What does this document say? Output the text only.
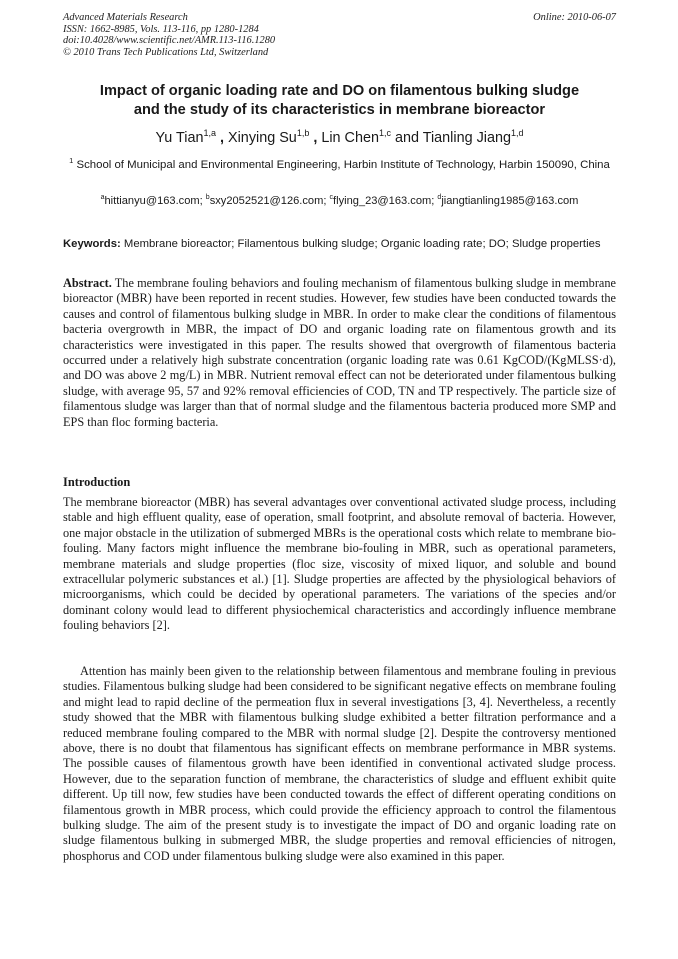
Advanced Materials Research
ISSN: 1662-8985, Vols. 113-116, pp 1280-1284
doi:10.4028/www.scientific.net/AMR.113-116.1280
© 2010 Trans Tech Publications Ltd, Switzerland
Online: 2010-06-07
Impact of organic loading rate and DO on filamentous bulking sludge
and the study of its characteristics in membrane bioreactor
Yu Tian$^{1,a}$ , Xinying Su$^{1,b}$ , Lin Chen$^{1,c}$ and Tianling Jiang$^{1,d}$
$^1$ School of Municipal and Environmental Engineering, Harbin Institute of Technology, Harbin 150090, China
$^a$hittianyu@163.com; $^b$sxy2052521@126.com; $^c$flying_23@163.com; $^d$jiangtianling1985@163.com
Keywords: Membrane bioreactor; Filamentous bulking sludge; Organic loading rate; DO; Sludge properties
Abstract. The membrane fouling behaviors and fouling mechanism of filamentous bulking sludge in membrane bioreactor (MBR) have been reported in recent studies. However, few studies have been conducted towards the causes and control of filamentous bulking sludge in MBR. In order to make clear the conditions of filamentous bacteria overgrowth in MBR, the impact of DO and organic loading rate on filamentous growth and its characteristics were investigated in this paper. The results showed that overgrowth of filamentous bacteria occurred under a relatively high substrate concentration (organic loading rate was 0.61 KgCOD/(KgMLSS·d), and DO was above 2 mg/L) in MBR. Nutrient removal effect can not be deteriorated under filamentous bulking sludge, with average 95, 57 and 92% removal efficiencies of COD, TN and TP respectively. The particle size of filamentous sludge was larger than that of normal sludge and the filamentous bacteria produced more SMP and EPS than floc forming bacteria.
Introduction
The membrane bioreactor (MBR) has several advantages over conventional activated sludge process, including stable and high effluent quality, ease of operation, small footprint, and absolute removal of bacteria. However, one major obstacle in the utilization of submerged MBRs is the operational costs which relate to membrane bio-fouling. Many factors might influence the membrane bio-fouling in MBR, such as operational parameters, membrane materials and sludge properties (floc size, viscosity of mixed liquor, and soluble and bound extracellular polymeric substances et al.) [1]. Sludge properties are affected by the physiological behaviors of microorganisms, which could be decided by operational parameters. The variations of the species and/or dominant colony would lead to different physiochemical characteristics and accordingly influence membrane fouling behaviors [2].
Attention has mainly been given to the relationship between filamentous and membrane fouling in previous studies. Filamentous bulking sludge had been considered to be significant negative effects on membrane fouling and might lead to rapid decline of the permeation flux in several investigations [3, 4]. Nevertheless, a recently study showed that the MBR with filamentous bulking sludge exhibited a better filtration performance and a reduced membrane fouling compared to the MBR with normal sludge [2]. Despite the controversy mentioned above, there is no doubt that filamentous has significant effects on membrane performance in MBR systems. The possible causes of filamentous growth have been identified in conventional activated sludge process. However, due to the separation function of membrane, the characteristics of sludge and effluent exhibit quite different. Up till now, few studies have been conducted towards the effect of different operating conditions on filamentous growth in MBR process, which could provide the efficiency approach to control the filamentous bulking sludge. The aim of the present study is to investigate the impact of DO and organic loading rate on sludge filamentous bulking in submerged MBR, the sludge properties and removal efficiencies of nitrogen, phosphorus and COD under filamentous bulking sludge were also examined in this paper.
